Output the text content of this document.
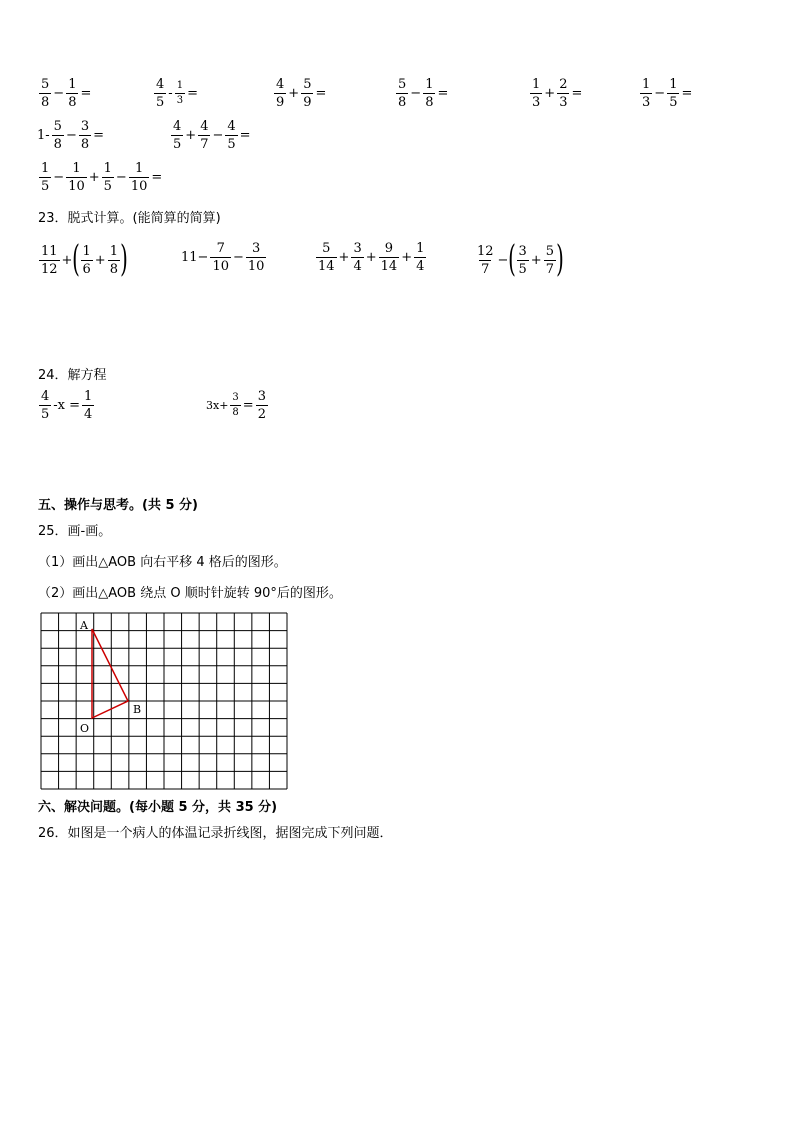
$\frac{5}{8} - \frac{1}{8}$ =	$\frac{4}{5} - \frac{1}{3}$ =	$\frac{4}{9} + \frac{5}{9}$ =	$\frac{5}{8} - \frac{1}{8}$ =	$\frac{1}{3} + \frac{2}{3}$ =	$\frac{1}{3} - \frac{1}{5}$ =
$1- \frac{5}{8} - \frac{3}{8}$ =	$\frac{4}{5} + \frac{4}{7} - \frac{4}{5}$ =
$\frac{1}{5} - \frac{1}{10} + \frac{1}{5} - \frac{1}{10}$ =
23．脱式计算。(能简算的简算)
$\frac{11}{12}$ + ( $\frac{1}{6} + \frac{1}{8}$ )	$11- \frac{7}{10} - \frac{3}{10}$	$\frac{5}{14} + \frac{3}{4} + \frac{9}{14} + \frac{1}{4}$	$\frac{12}{7}$ − ( $\frac{3}{5} + \frac{5}{7}$ )
24．解方程
$\frac{4}{5} -x = \frac{1}{4}$	$3x+ \frac{3}{8} = \frac{3}{2}$
五、操作与思考。(共 5 分)
25．画-画。
（1）画出△AOB 向右平移 4 格后的图形。
（2）画出△AOB 绕点 O 顺时针旋转 90°后的图形。
A
B
O
六、解决问题。(每小题 5 分，共 35 分)
26．如图是一个病人的体温记录折线图，据图完成下列问题．
